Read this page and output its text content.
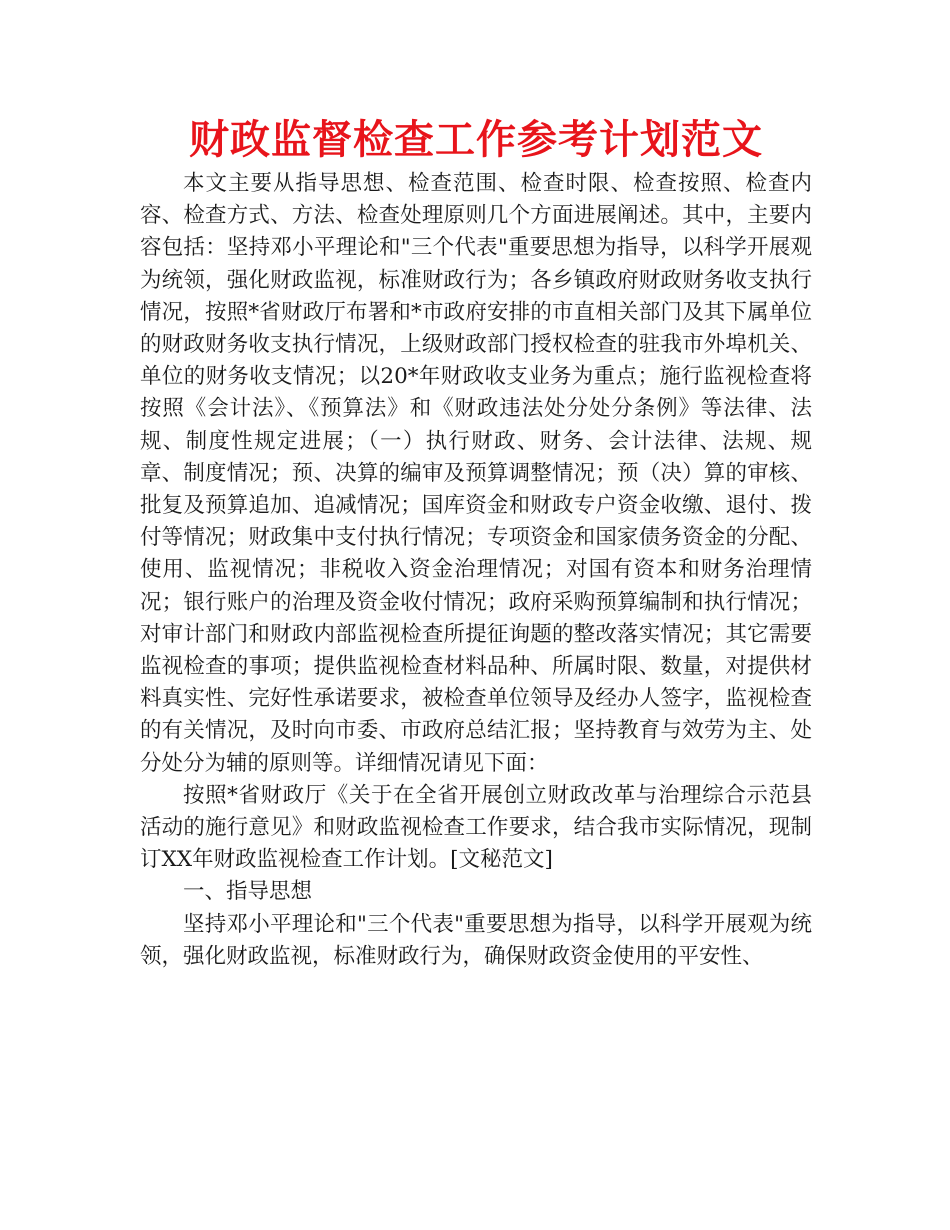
财政监督检查工作参考计划范文

本文主要从指导思想、检查范围、检查时限、检查按照、检查内容、检查方式、方法、检查处理原则几个方面进展阐述。其中，主要内容包括：坚持邓小平理论和"三个代表"重要思想为指导，以科学开展观为统领，强化财政监视，标准财政行为；各乡镇政府财政财务收支执行情况，按照*省财政厅布署和*市政府安排的市直相关部门及其下属单位的财政财务收支执行情况，上级财政部门授权检查的驻我市外埠机关、单位的财务收支情况；以20*年财政收支业务为重点；施行监视检查将按照《会计法》、《预算法》和《财政违法处分处分条例》等法律、法规、制度性规定进展；（一）执行财政、财务、会计法律、法规、规章、制度情况；预、决算的编审及预算调整情况；预（决）算的审核、批复及预算追加、追减情况；国库资金和财政专户资金收缴、退付、拨付等情况；财政集中支付执行情况；专项资金和国家债务资金的分配、使用、监视情况；非税收入资金治理情况；对国有资本和财务治理情况；银行账户的治理及资金收付情况；政府采购预算编制和执行情况；对审计部门和财政内部监视检查所提征询题的整改落实情况；其它需要监视检查的事项；提供监视检查材料品种、所属时限、数量，对提供材料真实性、完好性承诺要求，被检查单位领导及经办人签字，监视检查的有关情况，及时向市委、市政府总结汇报；坚持教育与效劳为主、处分处分为辅的原则等。详细情况请见下面：

按照*省财政厅《关于在全省开展创立财政改革与治理综合示范县活动的施行意见》和财政监视检查工作要求，结合我市实际情况，现制订XX年财政监视检查工作计划。[文秘范文]

一、指导思想

坚持邓小平理论和"三个代表"重要思想为指导，以科学开展观为统领，强化财政监视，标准财政行为，确保财政资金使用的平安性、
